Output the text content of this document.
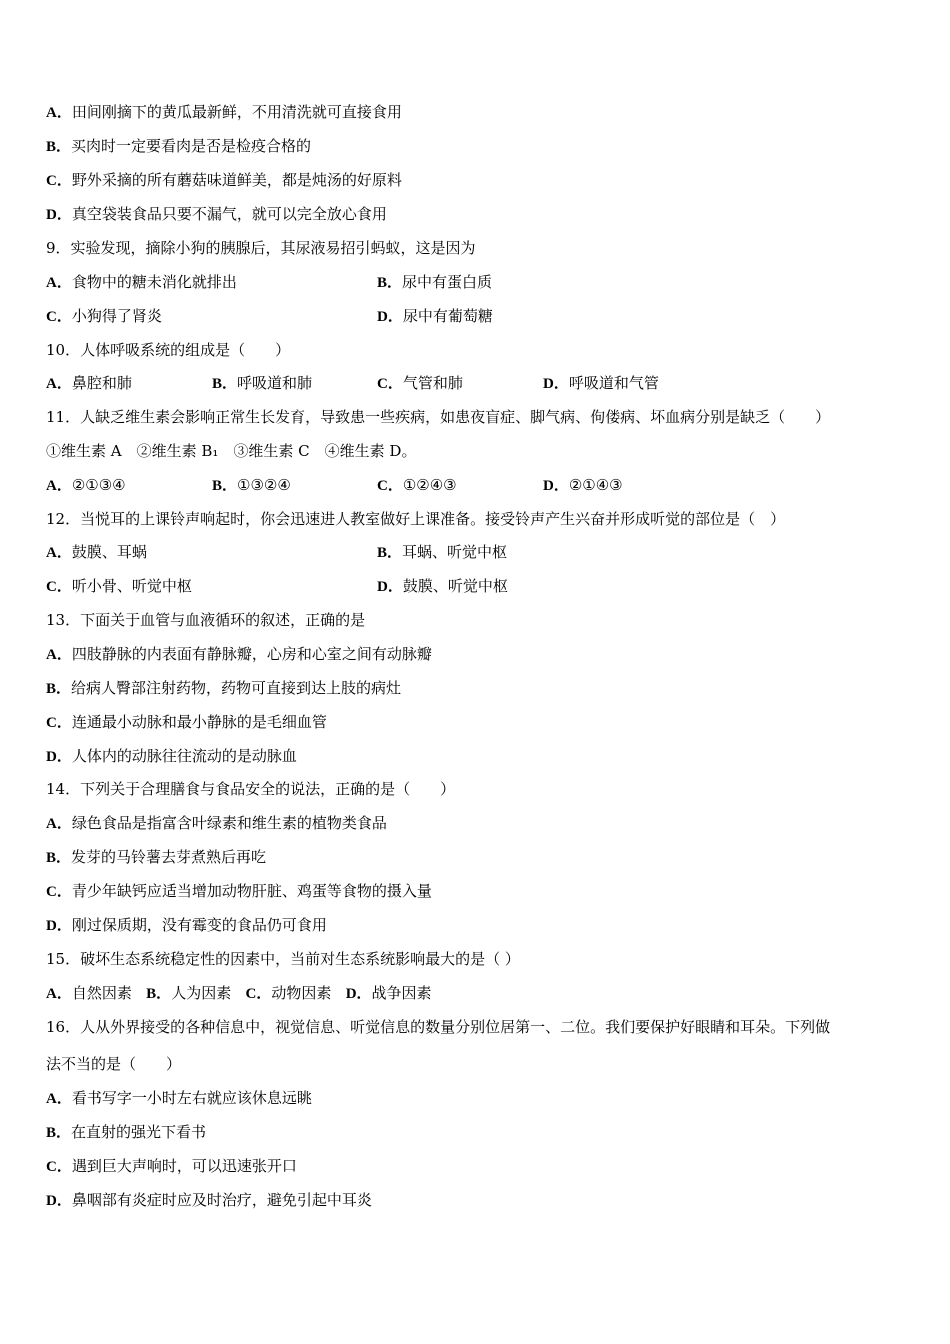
A．田间刚摘下的黄瓜最新鲜，不用清洗就可直接食用
B．买肉时一定要看肉是否是检疫合格的
C．野外采摘的所有蘑菇味道鲜美，都是炖汤的好原料
D．真空袋装食品只要不漏气，就可以完全放心食用
9．实验发现，摘除小狗的胰腺后，其尿液易招引蚂蚁，这是因为
A．食物中的糖未消化就排出	B．尿中有蛋白质
C．小狗得了肾炎	D．尿中有葡萄糖
10．人体呼吸系统的组成是（　　）
A．鼻腔和肺	B．呼吸道和肺	C．气管和肺	D．呼吸道和气管
11．人缺乏维生素会影响正常生长发育，导致患一些疾病，如患夜盲症、脚气病、佝偻病、坏血病分别是缺乏（　　）
①维生素 A　②维生素 B₁　③维生素 C　④维生素 D。
A．②①③④	B．①③②④	C．①②④③	D．②①④③
12．当悦耳的上课铃声响起时，你会迅速进人教室做好上课准备。接受铃声产生兴奋并形成听觉的部位是（　）
A．鼓膜、耳蜗	B．耳蜗、听觉中枢
C．听小骨、听觉中枢	D．鼓膜、听觉中枢
13．下面关于血管与血液循环的叙述，正确的是
A．四肢静脉的内表面有静脉瓣，心房和心室之间有动脉瓣
B．给病人臀部注射药物，药物可直接到达上肢的病灶
C．连通最小动脉和最小静脉的是毛细血管
D．人体内的动脉往往流动的是动脉血
14．下列关于合理膳食与食品安全的说法，正确的是（　　）
A．绿色食品是指富含叶绿素和维生素的植物类食品
B．发芽的马铃薯去芽煮熟后再吃
C．青少年缺钙应适当增加动物肝脏、鸡蛋等食物的摄入量
D．刚过保质期，没有霉变的食品仍可食用
15．破坏生态系统稳定性的因素中，当前对生态系统影响最大的是（ ）
A．自然因素 B．人为因素 C．动物因素 D．战争因素
16．人从外界接受的各种信息中，视觉信息、听觉信息的数量分别位居第一、二位。我们要保护好眼睛和耳朵。下列做
法不当的是（　　）
A．看书写字一小时左右就应该休息远眺
B．在直射的强光下看书
C．遇到巨大声响时，可以迅速张开口
D．鼻咽部有炎症时应及时治疗，避免引起中耳炎
